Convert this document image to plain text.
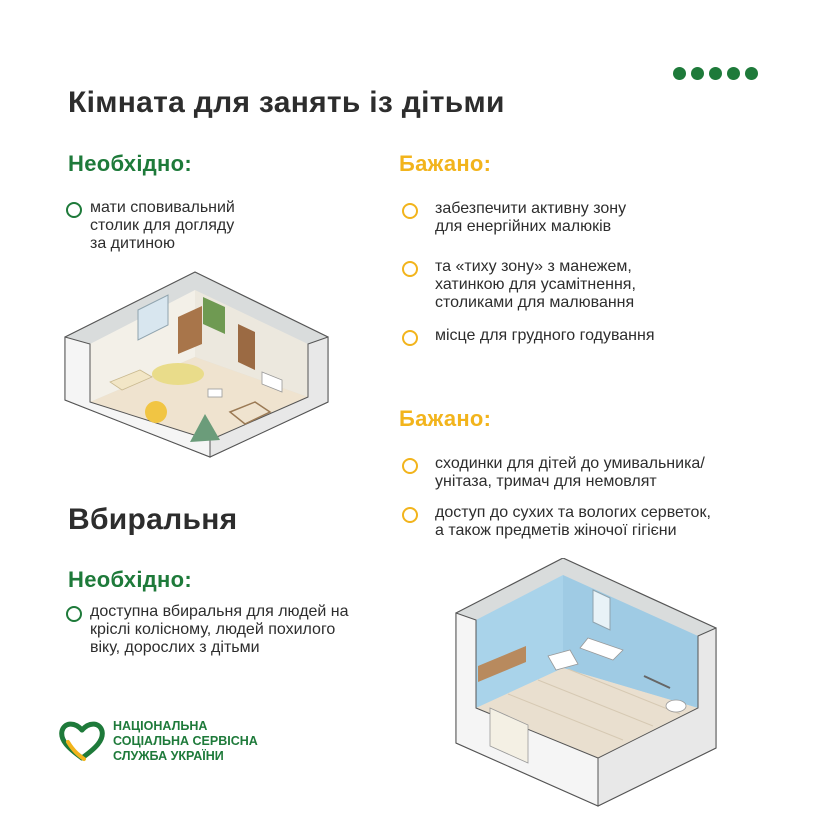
Кімната для занять із дітьми
Необхідно:
мати сповивальний
столик для догляду
за дитиною
Бажано:
забезпечити активну зону
для енергійних малюків
та «тиху зону» з манежем,
хатинкою для усамітнення,
столиками для малювання
місце для грудного годування
Бажано:
сходинки для дітей до умивальника/
унітаза, тримач для немовлят
доступ до сухих та вологих серветок,
а також предметів жіночої гігієни
Вбиральня
Необхідно:
доступна вбиральня для людей на
кріслі колісному, людей похилого
віку, дорослих з дітьми
НАЦІОНАЛЬНА
СОЦІАЛЬНА СЕРВІСНА
СЛУЖБА УКРАЇНИ
